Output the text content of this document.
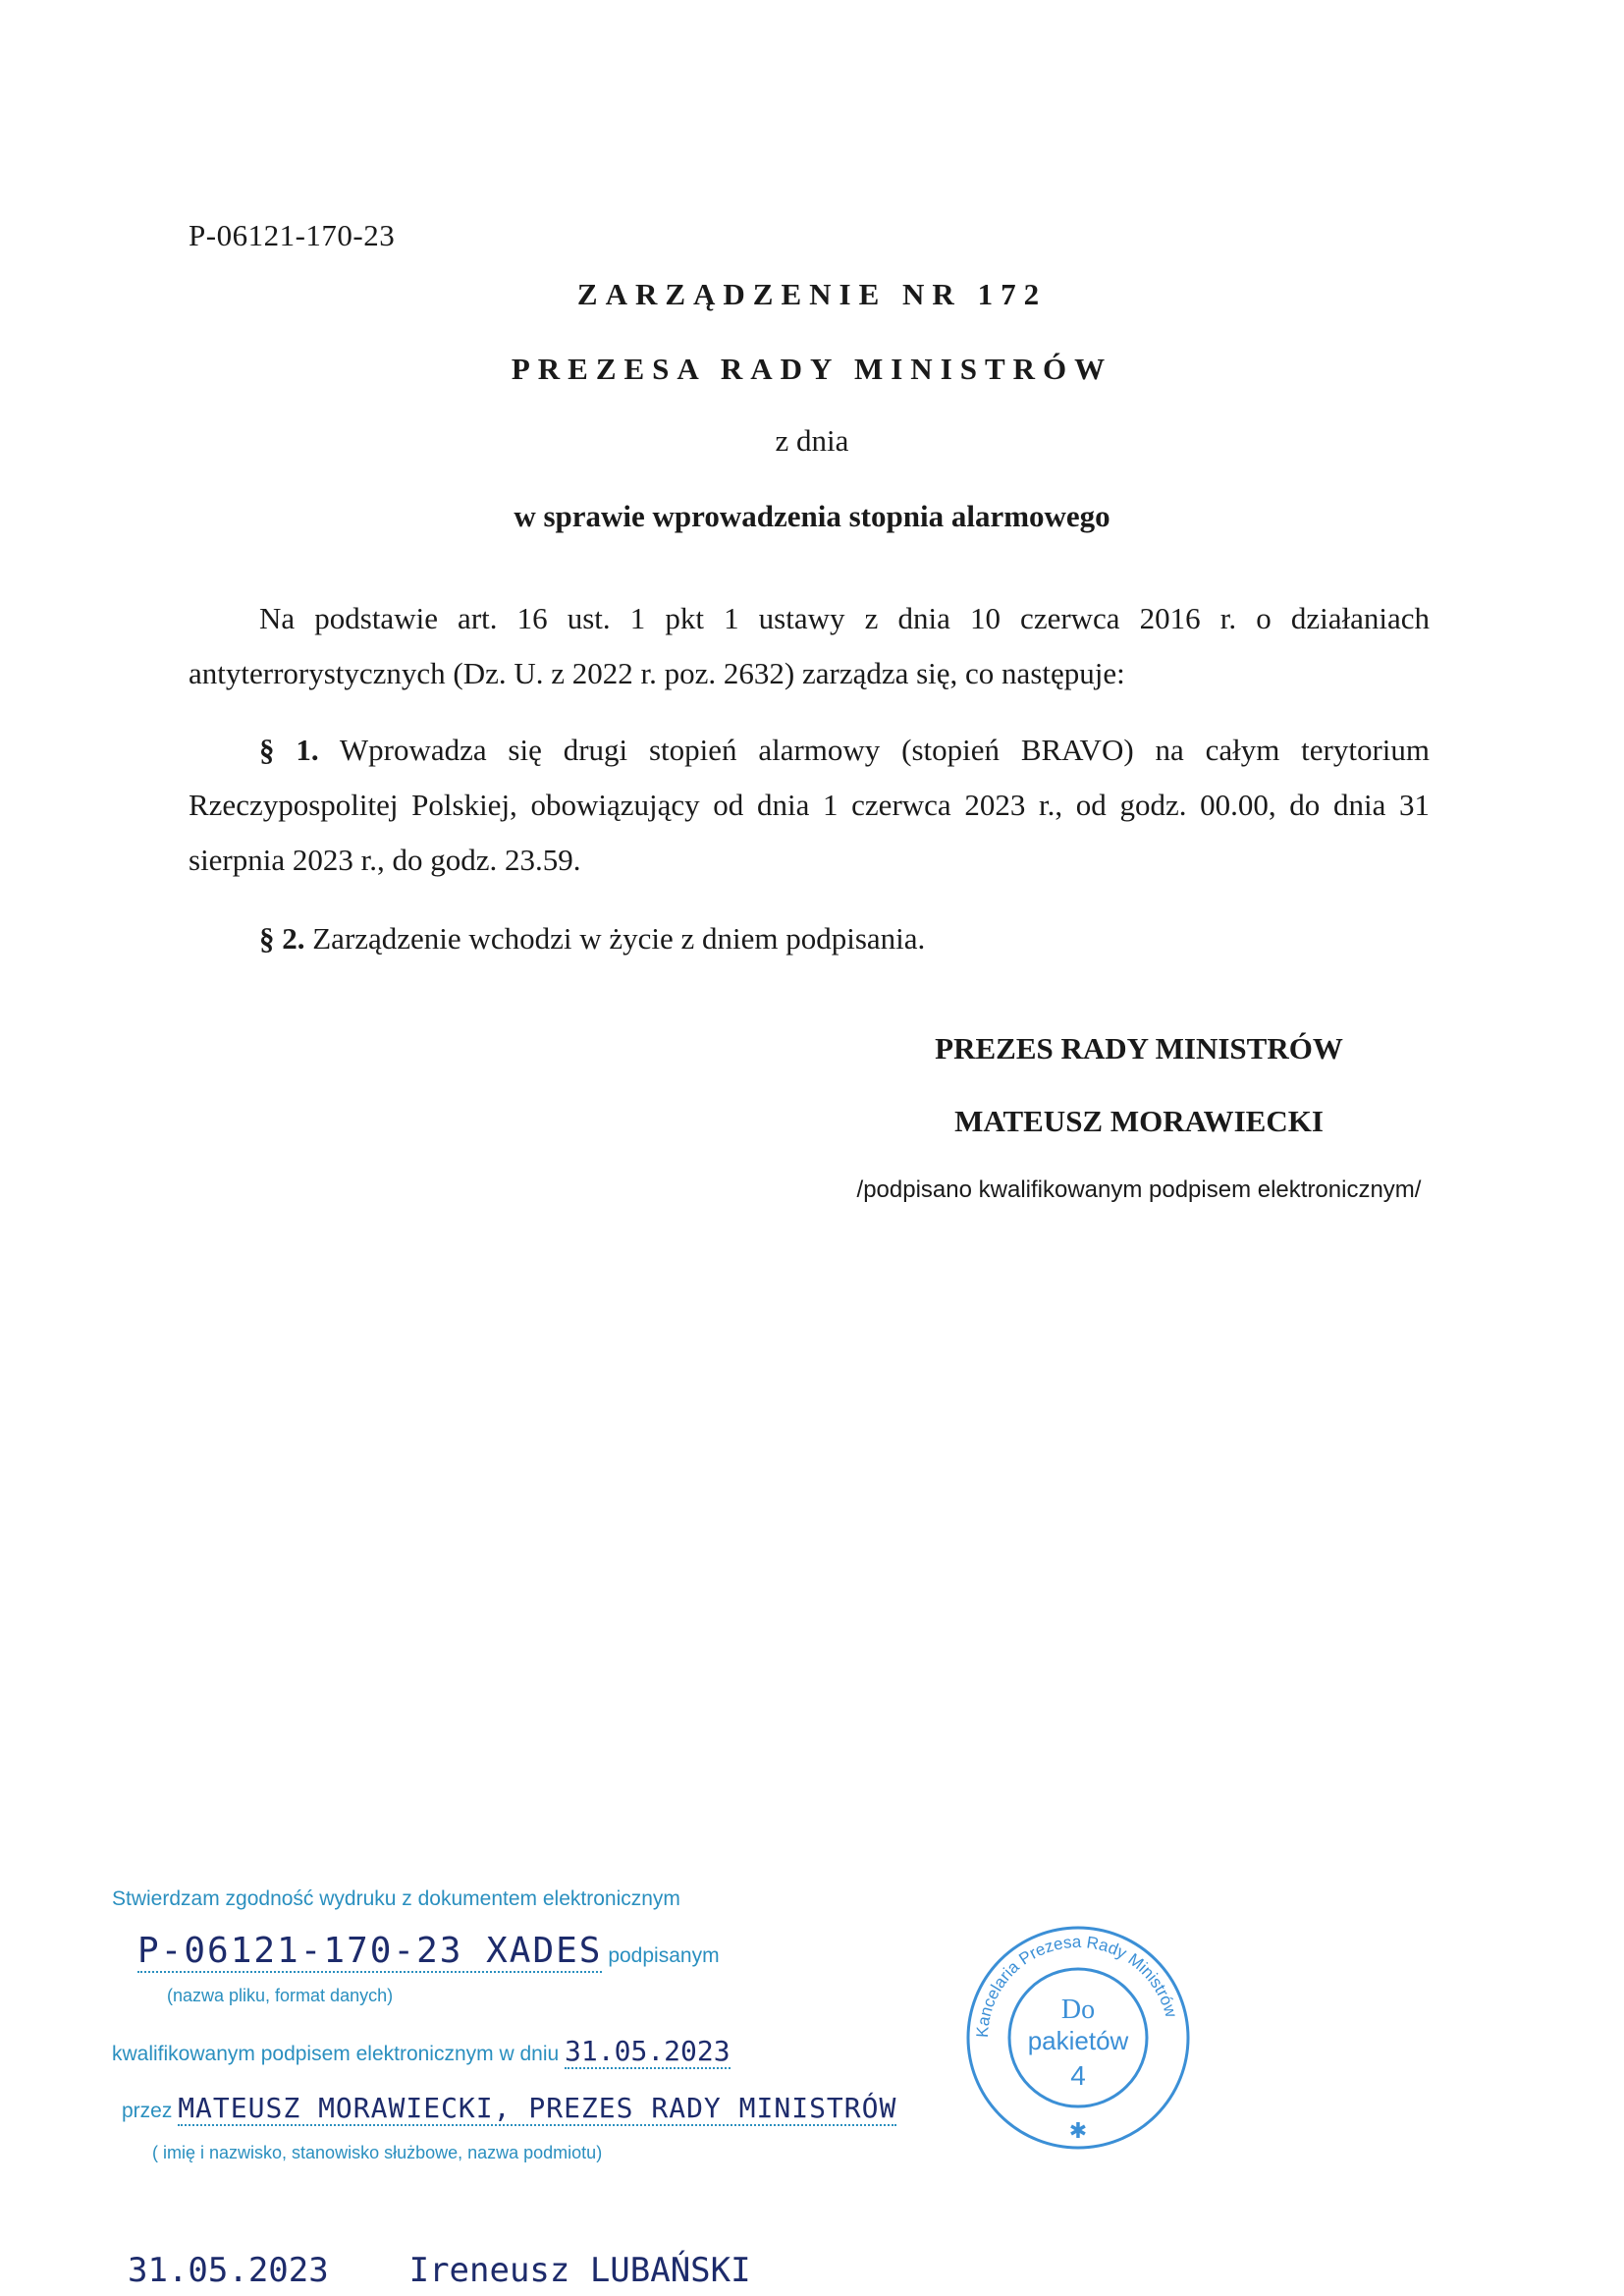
P-06121-170-23
ZARZĄDZENIE NR 172
PREZESA RADY MINISTRÓW
z dnia
w sprawie wprowadzenia stopnia alarmowego
Na podstawie art. 16 ust. 1 pkt 1 ustawy z dnia 10 czerwca 2016 r. o działaniach antyterrorystycznych (Dz. U. z 2022 r. poz. 2632) zarządza się, co następuje:
§ 1. Wprowadza się drugi stopień alarmowy (stopień BRAVO) na całym terytorium Rzeczypospolitej Polskiej, obowiązujący od dnia 1 czerwca 2023 r., od godz. 00.00, do dnia 31 sierpnia 2023 r., do godz. 23.59.
§ 2. Zarządzenie wchodzi w życie z dniem podpisania.
PREZES RADY MINISTRÓW
MATEUSZ MORAWIECKI
/podpisano kwalifikowanym podpisem elektronicznym/
Stwierdzam zgodność wydruku z dokumentem elektronicznym
P-06121-170-23 XADES podpisanym
(nazwa pliku, format danych)
kwalifikowanym podpisem elektronicznym w dniu 31.05.2023
przez MATEUSZ MORAWIECKI, PREZES RADY MINISTRÓW
( imię i nazwisko, stanowisko służbowe, nazwa podmiotu)
31.05.2023 Ireneusz LUBAŃSKI
Kancelaria Prezesa Rady Ministrów
Do
pakietów
4
✱
